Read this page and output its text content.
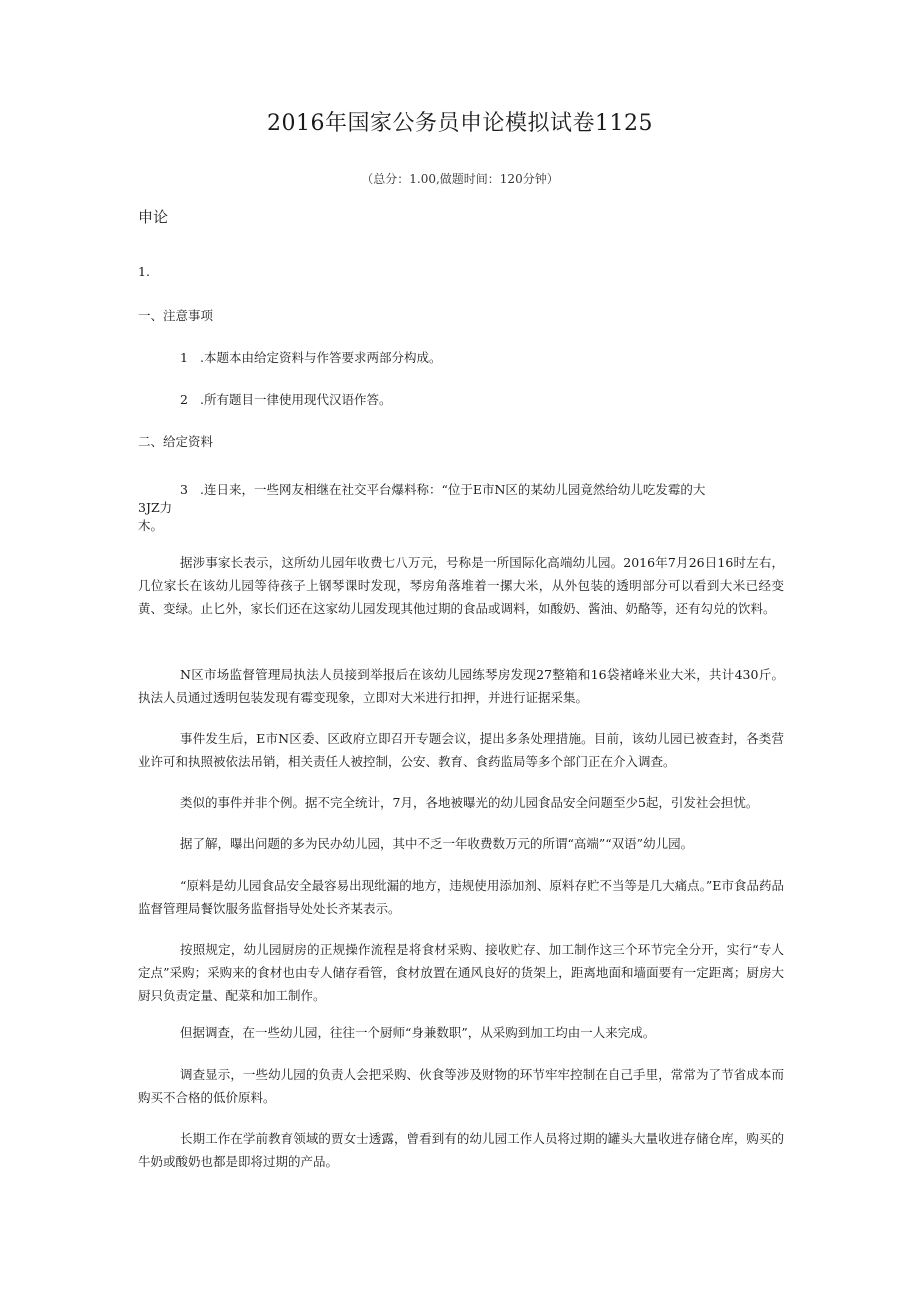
2016年国家公务员申论模拟试卷1125
（总分：1.00,做题时间：120分钟）
申论
1.
一、注意事项
1 .本题本由给定资料与作答要求两部分构成。
2 .所有题目一律使用现代汉语作答。
二、给定资料
3 .连日来，一些网友相继在社交平台爆料称：“位于E市N区的某幼儿园竟然给幼儿吃发霉的大
3JZ力
木。
据涉事家长表示，这所幼儿园年收费七八万元，号称是一所国际化高端幼儿园。2016年7月26日16时左右，几位家长在该幼儿园等待孩子上钢琴课时发现，琴房角落堆着一摞大米，从外包装的透明部分可以看到大米已经变黄、变绿。止匕外，家长们还在这家幼儿园发现其他过期的食品或调料，如酸奶、酱油、奶酪等，还有勾兑的饮料。
N区市场监督管理局执法人员接到举报后在该幼儿园练琴房发现27整箱和16袋褚峰米业大米，共计430斤。执法人员通过透明包装发现有霉变现象，立即对大米进行扣押，并进行证据采集。
事件发生后，E市N区委、区政府立即召开专题会议，提出多条处理措施。目前，该幼儿园已被查封，各类营业许可和执照被依法吊销，相关责任人被控制，公安、教育、食药监局等多个部门正在介入调查。
类似的事件并非个例。据不完全统计，7月，各地被曝光的幼儿园食品安全问题至少5起，引发社会担忧。
据了解，曝出问题的多为民办幼儿园，其中不乏一年收费数万元的所谓“高端”“双语”幼儿园。
“原料是幼儿园食品安全最容易出现纰漏的地方，违规使用添加剂、原料存贮不当等是几大痛点。”E市食品药品监督管理局餐饮服务监督指导处处长齐某表示。
按照规定，幼儿园厨房的正规操作流程是将食材采购、接收贮存、加工制作这三个环节完全分开，实行“专人定点”采购；采购来的食材也由专人储存看管，食材放置在通风良好的货架上，距离地面和墙面要有一定距离；厨房大厨只负责定量、配菜和加工制作。
但据调查，在一些幼儿园，往往一个厨师“身兼数职”，从采购到加工均由一人来完成。
调查显示，一些幼儿园的负责人会把采购、伙食等涉及财物的环节牢牢控制在自己手里，常常为了节省成本而购买不合格的低价原料。
长期工作在学前教育领域的贾女士透露，曾看到有的幼儿园工作人员将过期的罐头大量收进存储仓库，购买的牛奶或酸奶也都是即将过期的产品。
